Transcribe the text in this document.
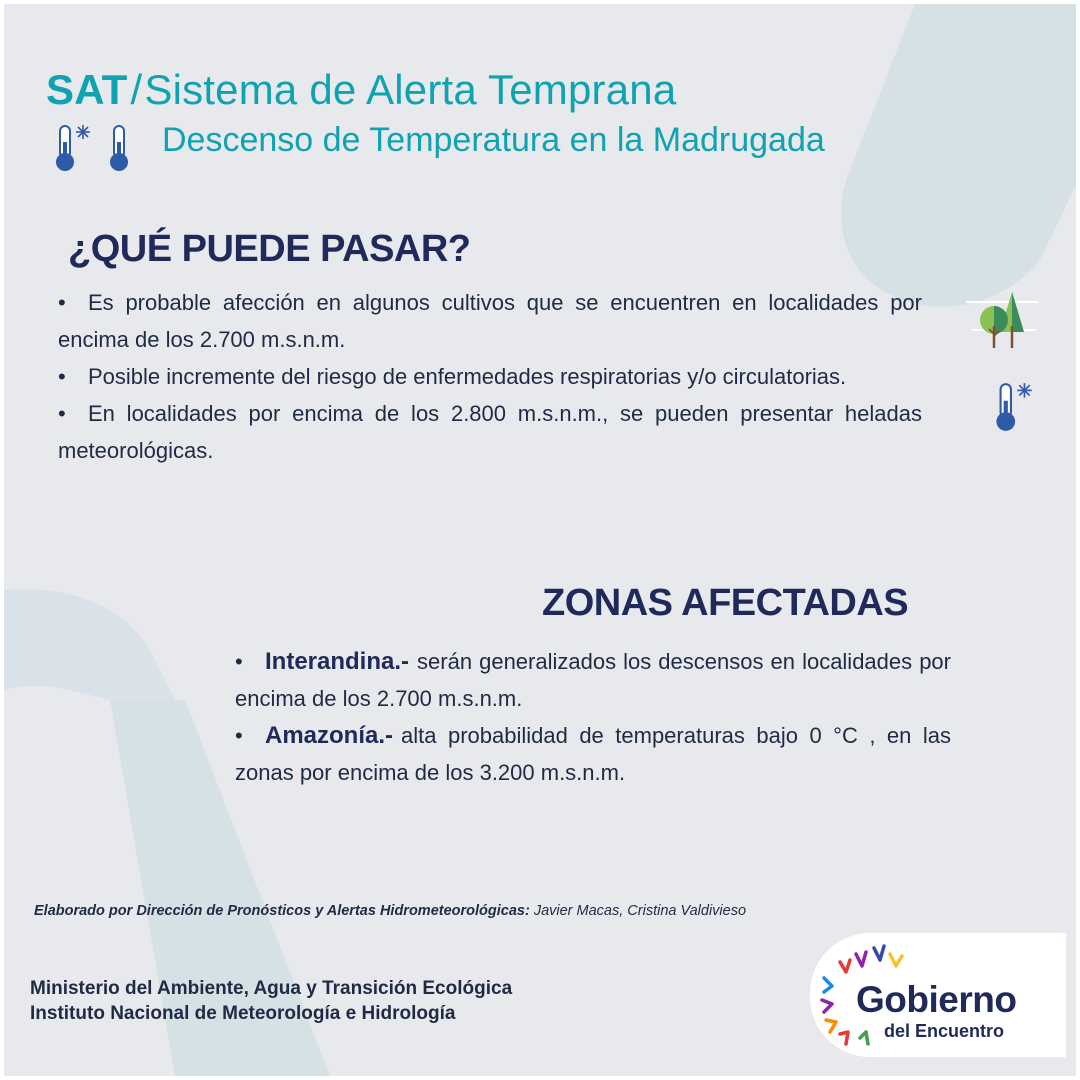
SAT/Sistema de Alerta Temprana
Descenso de Temperatura en la Madrugada
¿QUÉ PUEDE PASAR?
• Es probable afección en algunos cultivos que se encuentren en localidades por encima de los 2.700 m.s.n.m.
• Posible incremente del riesgo de enfermedades respiratorias y/o circulatorias.
• En localidades por encima de los 2.800 m.s.n.m., se pueden presentar heladas meteorológicas.
ZONAS AFECTADAS
• Interandina.- serán generalizados los descensos en localidades por encima de los 2.700 m.s.n.m.
• Amazonía.- alta probabilidad de temperaturas bajo 0 °C , en las zonas por encima de los 3.200 m.s.n.m.
Elaborado por Dirección de Pronósticos y Alertas Hidrometeorológicas: Javier Macas, Cristina Valdivieso
Ministerio del Ambiente, Agua y Transición Ecológica
Instituto Nacional de Meteorología e Hidrología	Gobierno
del Encuentro
